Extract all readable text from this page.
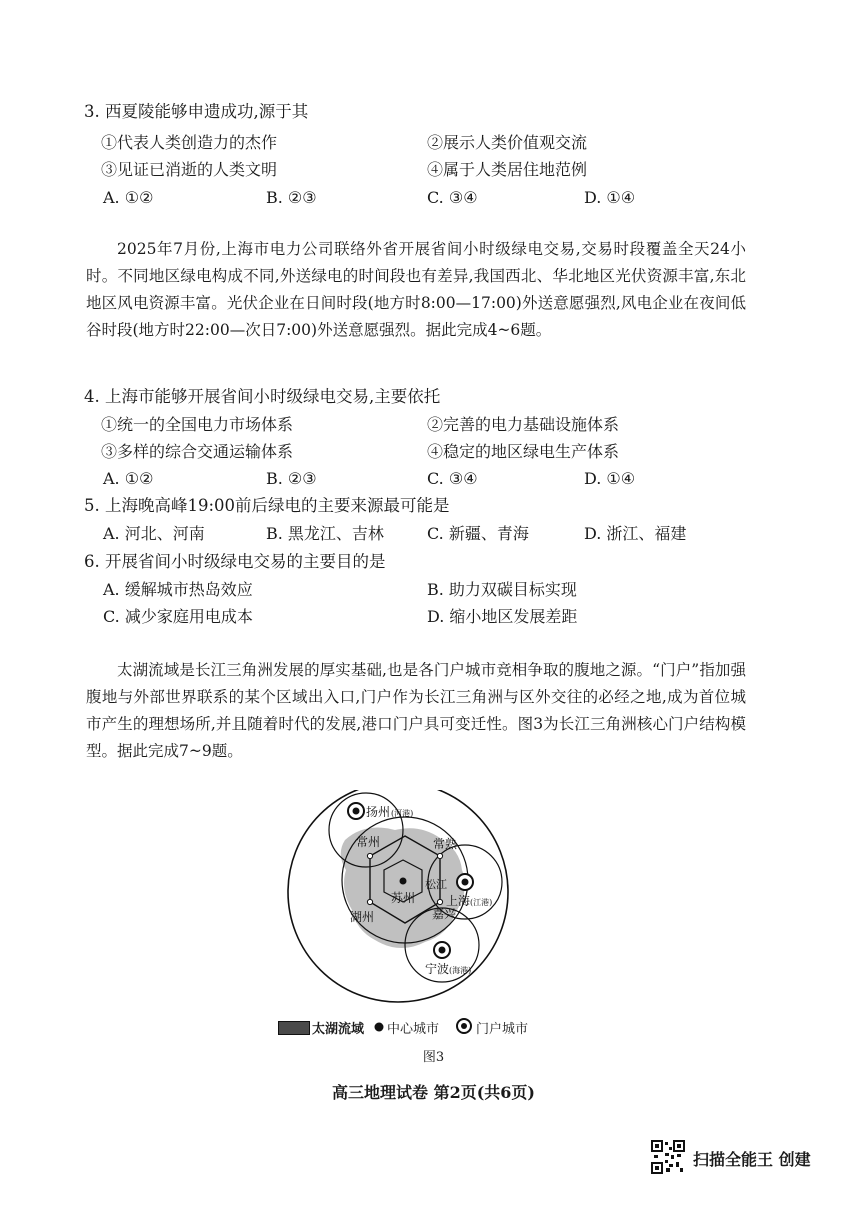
3. 西夏陵能够申遗成功,源于其
①代表人类创造力的杰作	②展示人类价值观交流
③见证已消逝的人类文明	④属于人类居住地范例
A. ①②	B. ②③	C. ③④	D. ①④
2025年7月份,上海市电力公司联络外省开展省间小时级绿电交易,交易时段覆盖全天24小时。不同地区绿电构成不同,外送绿电的时间段也有差异,我国西北、华北地区光伏资源丰富,东北地区风电资源丰富。光伏企业在日间时段(地方时8:00—17:00)外送意愿强烈,风电企业在夜间低谷时段(地方时22:00—次日7:00)外送意愿强烈。据此完成4~6题。
4. 上海市能够开展省间小时级绿电交易,主要依托
①统一的全国电力市场体系	②完善的电力基础设施体系
③多样的综合交通运输体系	④稳定的地区绿电生产体系
A. ①②	B. ②③	C. ③④	D. ①④
5. 上海晚高峰19:00前后绿电的主要来源最可能是
A. 河北、河南	B. 黑龙江、吉林	C. 新疆、青海	D. 浙江、福建
6. 开展省间小时级绿电交易的主要目的是
A. 缓解城市热岛效应	B. 助力双碳目标实现
C. 减少家庭用电成本	D. 缩小地区发展差距
太湖流域是长江三角洲发展的厚实基础,也是各门户城市竞相争取的腹地之源。“门户”指加强腹地与外部世界联系的某个区域出入口,门户作为长江三角洲与区外交往的必经之地,成为首位城市产生的理想场所,并且随着时代的发展,港口门户具可变迁性。图3为长江三角洲核心门户结构模型。据此完成7~9题。
扬州 (河港)
常州	常熟
苏州
松江
上海 (江港)
湖州	嘉兴
宁波 (海港)
太湖流域 中心城市	门户城市
图3
高三地理试卷 第2页(共6页)
扫描全能王 创建
